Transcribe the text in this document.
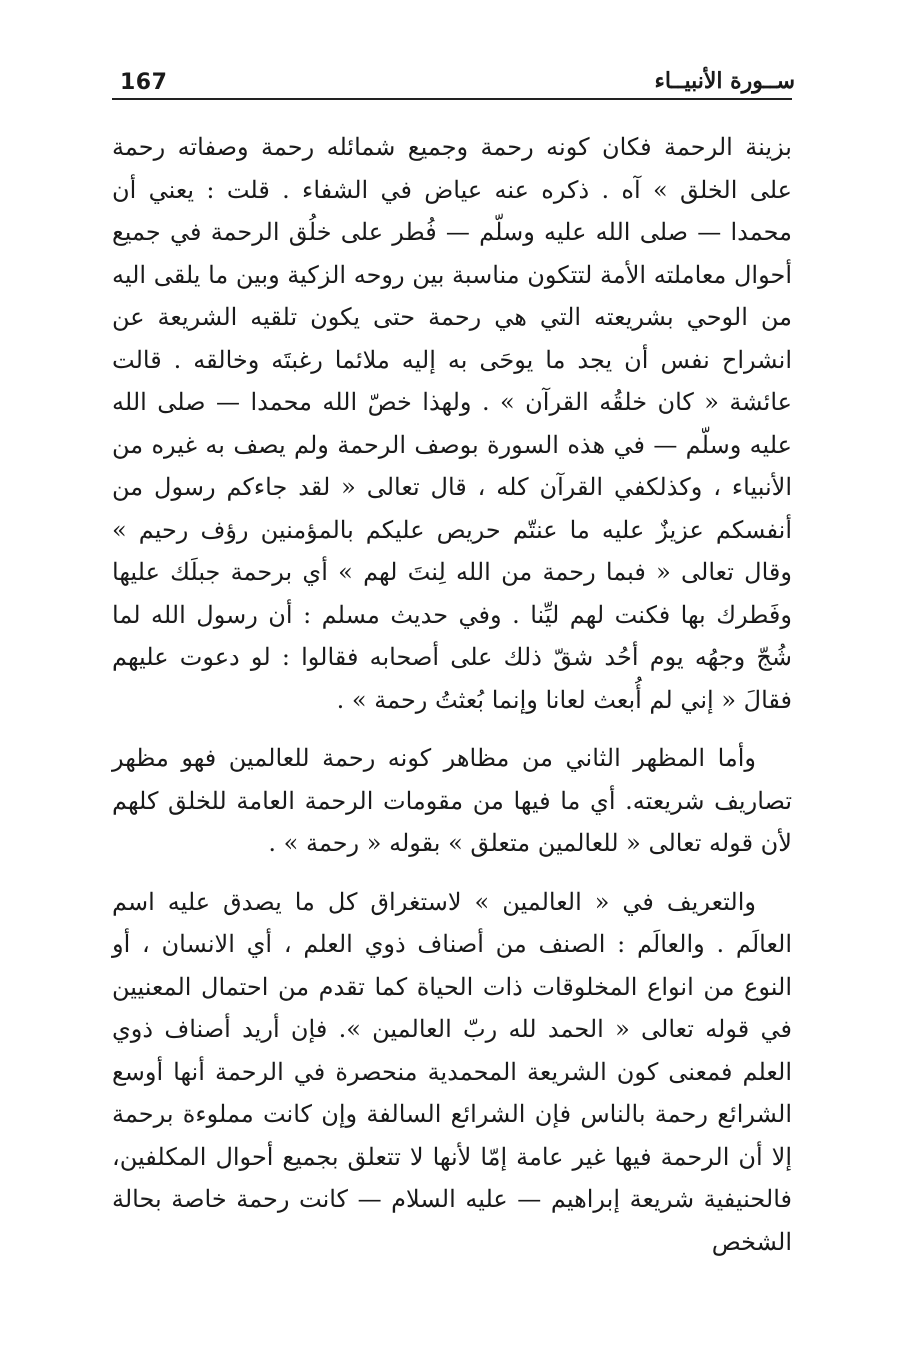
167	ســورة الأنبيــاء

بزينة الرحمة فكان كونه رحمة وجميع شمائله رحمة وصفاته رحمة على الخلق » آه . ذكره عنه عياض في الشفاء . قلت : يعني أن محمدا — صلى الله عليه وسلّم — فُطر على خلُق الرحمة في جميع أحوال معاملته الأمة لتتكون مناسبة بين روحه الزكية وبين ما يلقى اليه من الوحي بشريعته التي هي رحمة حتى يكون تلقيه الشريعة عن انشراح نفس أن يجد ما يوحَى به إليه ملائما رغبتَه وخالقه . قالت عائشة « كان خلقُه القرآن » . ولهذا خصّ الله محمدا — صلى الله عليه وسلّم — في هذه السورة بوصف الرحمة ولم يصف به غيره من الأنبياء ، وكذلكفي القرآن كله ، قال تعالى « لقد جاءكم رسول من أنفسكم عزيزٌ عليه ما عنتّم حريص عليكم بالمؤمنين رؤف رحيم » وقال تعالى « فبما رحمة من الله لِنتَ لهم » أي برحمة جبلَك عليها وفَطرك بها فكنت لهم ليِّنا . وفي حديث مسلم : أن رسول الله لما شُجّ وجهُه يوم أحُد شقّ ذلك على أصحابه فقالوا : لو دعوت عليهم فقالَ « إني لم أُبعث لعانا وإنما بُعثتُ رحمة » .

وأما المظهر الثاني من مظاهر كونه رحمة للعالمين فهو مظهر تصاريف شريعته. أي ما فيها من مقومات الرحمة العامة للخلق كلهم لأن قوله تعالى « للعالمين متعلق » بقوله « رحمة » .

والتعريف في « العالمين » لاستغراق كل ما يصدق عليه اسم العالَم . والعالَم : الصنف من أصناف ذوي العلم ، أي الانسان ، أو النوع من انواع المخلوقات ذات الحياة كما تقدم من احتمال المعنيين في قوله تعالى « الحمد لله ربّ العالمين ». فإن أريد أصناف ذوي العلم فمعنى كون الشريعة المحمدية منحصرة في الرحمة أنها أوسع الشرائع رحمة بالناس فإن الشرائع السالفة وإن كانت مملوءة برحمة إلا أن الرحمة فيها غير عامة إمّا لأنها لا تتعلق بجميع أحوال المكلفين، فالحنيفية شريعة إبراهيم — عليه السلام — كانت رحمة خاصة بحالة الشخص
